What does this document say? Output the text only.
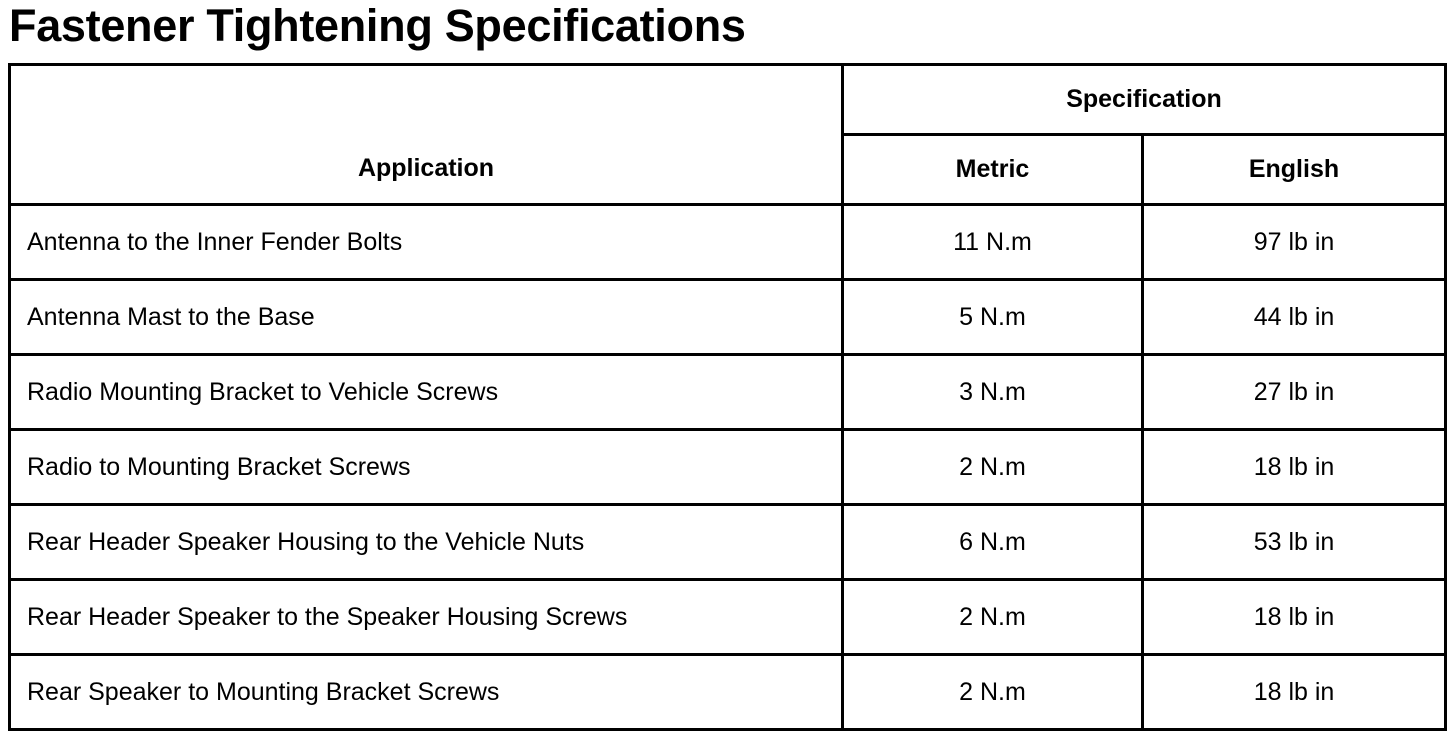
Fastener Tightening Specifications
Application	Specification	
	Metric	English
Antenna to the Inner Fender Bolts	11 N.m	97 lb in
Antenna Mast to the Base	5 N.m	44 lb in
Radio Mounting Bracket to Vehicle Screws	3 N.m	27 lb in
Radio to Mounting Bracket Screws	2 N.m	18 lb in
Rear Header Speaker Housing to the Vehicle Nuts	6 N.m	53 lb in
Rear Header Speaker to the Speaker Housing Screws	2 N.m	18 lb in
Rear Speaker to Mounting Bracket Screws	2 N.m	18 lb in
